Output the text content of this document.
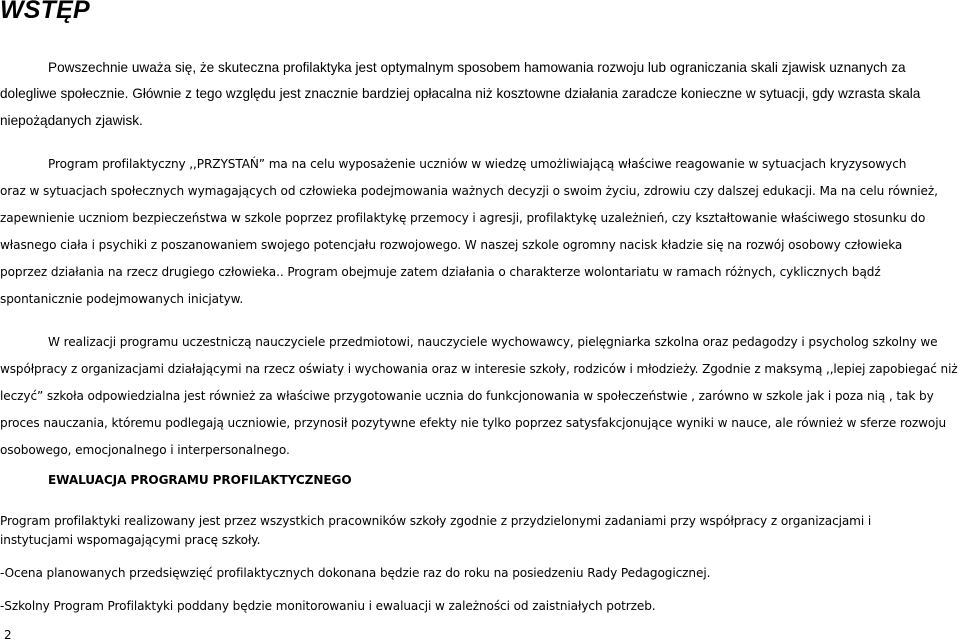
WSTĘP
Powszechnie uważa się, że skuteczna profilaktyka jest optymalnym sposobem hamowania rozwoju lub ograniczania skali zjawisk uznanych za
dolegliwe społecznie. Głównie z tego względu jest znacznie bardziej opłacalna niż kosztowne działania zaradcze konieczne w sytuacji, gdy wzrasta skala
niepożądanych zjawisk.
Program profilaktyczny ,,PRZYSTAŃ” ma na celu wyposażenie uczniów w wiedzę umożliwiającą właściwe reagowanie w sytuacjach kryzysowych
oraz w sytuacjach społecznych wymagających od człowieka podejmowania ważnych decyzji o swoim życiu, zdrowiu czy dalszej edukacji. Ma na celu również,
zapewnienie uczniom bezpieczeństwa w szkole poprzez profilaktykę przemocy i agresji, profilaktykę uzależnień, czy kształtowanie właściwego stosunku do
własnego ciała i psychiki z poszanowaniem swojego potencjału rozwojowego. W naszej szkole ogromny nacisk kładzie się na rozwój osobowy człowieka
poprzez działania na rzecz drugiego człowieka.. Program obejmuje zatem działania o charakterze wolontariatu w ramach różnych, cyklicznych bądź
spontanicznie podejmowanych inicjatyw.
W realizacji programu uczestniczą nauczyciele przedmiotowi, nauczyciele wychowawcy, pielęgniarka szkolna oraz pedagodzy i psycholog szkolny we
współpracy z organizacjami działającymi na rzecz oświaty i wychowania oraz w interesie szkoły, rodziców i młodzieży. Zgodnie z maksymą ,,lepiej zapobiegać niż
leczyć” szkoła odpowiedzialna jest również za właściwe przygotowanie ucznia do funkcjonowania w społeczeństwie , zarówno w szkole jak i poza nią , tak by
proces nauczania, któremu podlegają uczniowie, przynosił pozytywne efekty nie tylko poprzez satysfakcjonujące wyniki w nauce, ale również w sferze rozwoju
osobowego, emocjonalnego i interpersonalnego.
EWALUACJA PROGRAMU PROFILAKTYCZNEGO
Program profilaktyki realizowany jest przez wszystkich pracowników szkoły zgodnie z przydzielonymi zadaniami przy współpracy z organizacjami i
instytucjami wspomagającymi pracę szkoły.
-Ocena planowanych przedsięwzięć profilaktycznych dokonana będzie raz do roku na posiedzeniu Rady Pedagogicznej.
-Szkolny Program Profilaktyki poddany będzie monitorowaniu i ewaluacji w zależności od zaistniałych potrzeb.
2
